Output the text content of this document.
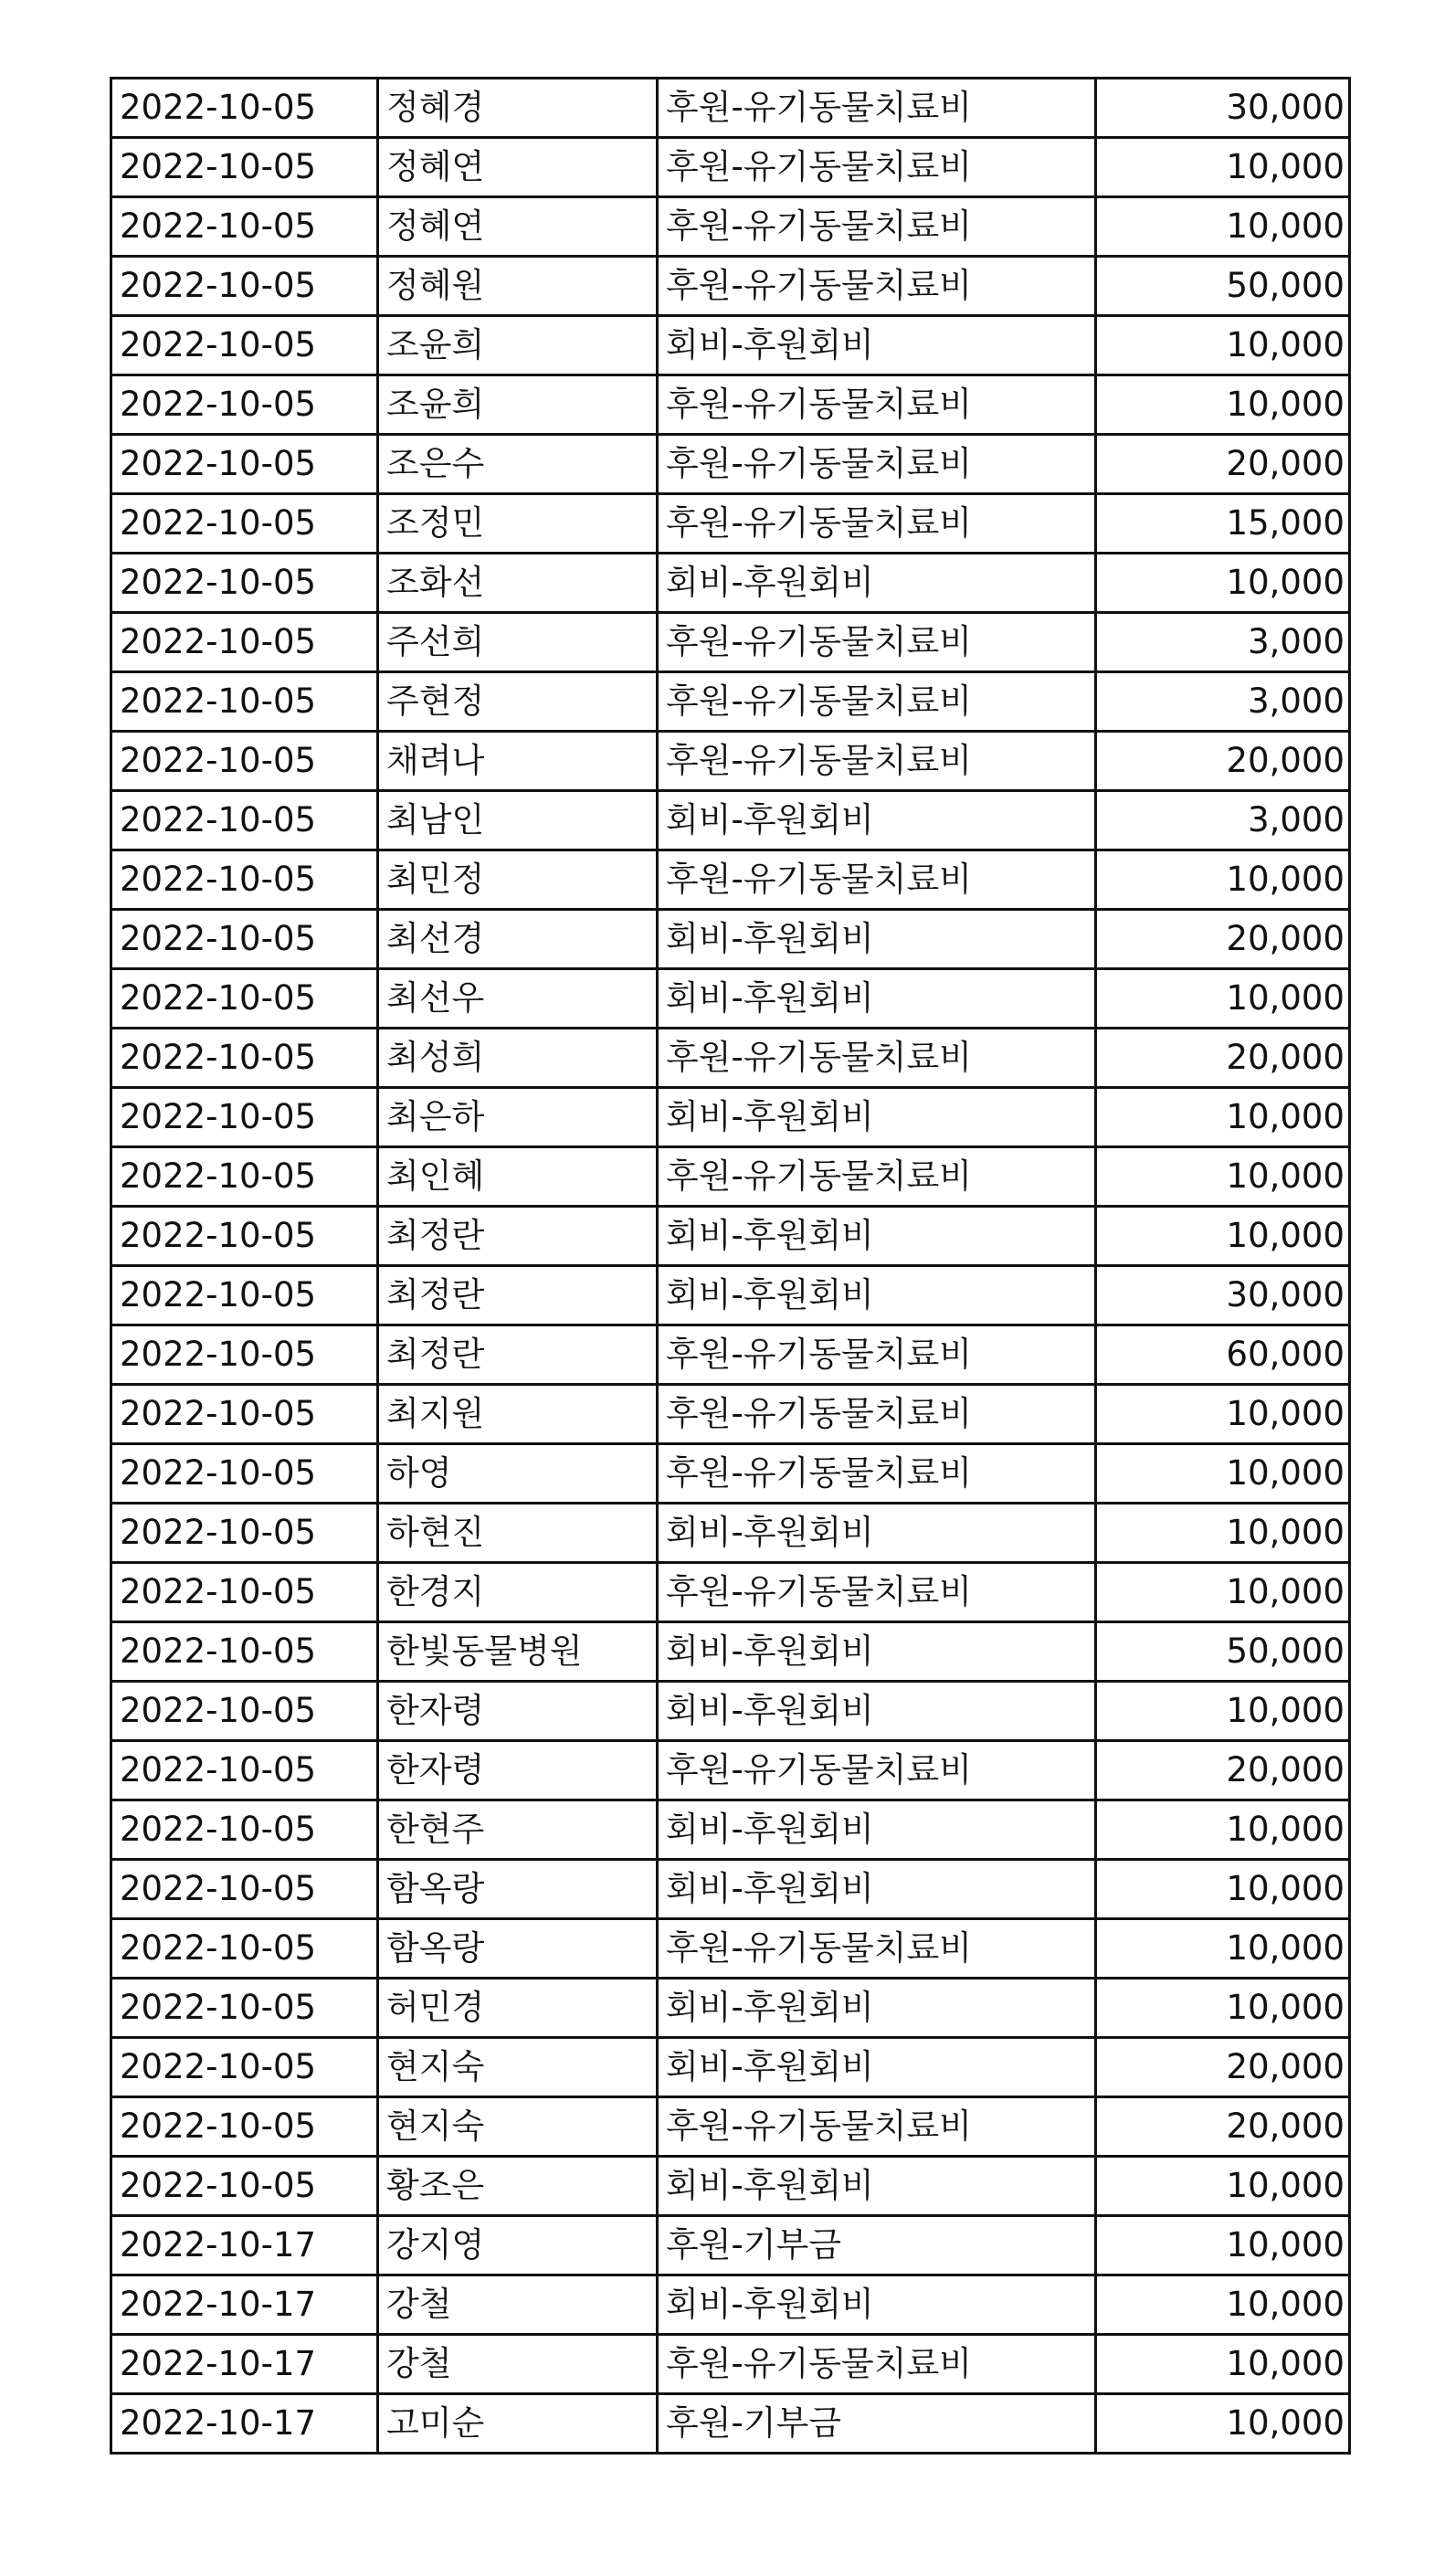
2022-10-05	정혜경	후원-유기동물치료비	30,000
2022-10-05	정혜연	후원-유기동물치료비	10,000
2022-10-05	정혜연	후원-유기동물치료비	10,000
2022-10-05	정혜원	후원-유기동물치료비	50,000
2022-10-05	조윤희	회비-후원회비	10,000
2022-10-05	조윤희	후원-유기동물치료비	10,000
2022-10-05	조은수	후원-유기동물치료비	20,000
2022-10-05	조정민	후원-유기동물치료비	15,000
2022-10-05	조화선	회비-후원회비	10,000
2022-10-05	주선희	후원-유기동물치료비	3,000
2022-10-05	주현정	후원-유기동물치료비	3,000
2022-10-05	채려나	후원-유기동물치료비	20,000
2022-10-05	최남인	회비-후원회비	3,000
2022-10-05	최민정	후원-유기동물치료비	10,000
2022-10-05	최선경	회비-후원회비	20,000
2022-10-05	최선우	회비-후원회비	10,000
2022-10-05	최성희	후원-유기동물치료비	20,000
2022-10-05	최은하	회비-후원회비	10,000
2022-10-05	최인혜	후원-유기동물치료비	10,000
2022-10-05	최정란	회비-후원회비	10,000
2022-10-05	최정란	회비-후원회비	30,000
2022-10-05	최정란	후원-유기동물치료비	60,000
2022-10-05	최지원	후원-유기동물치료비	10,000
2022-10-05	하영	후원-유기동물치료비	10,000
2022-10-05	하현진	회비-후원회비	10,000
2022-10-05	한경지	후원-유기동물치료비	10,000
2022-10-05	한빛동물병원	회비-후원회비	50,000
2022-10-05	한자령	회비-후원회비	10,000
2022-10-05	한자령	후원-유기동물치료비	20,000
2022-10-05	한현주	회비-후원회비	10,000
2022-10-05	함옥랑	회비-후원회비	10,000
2022-10-05	함옥랑	후원-유기동물치료비	10,000
2022-10-05	허민경	회비-후원회비	10,000
2022-10-05	현지숙	회비-후원회비	20,000
2022-10-05	현지숙	후원-유기동물치료비	20,000
2022-10-05	황조은	회비-후원회비	10,000
2022-10-17	강지영	후원-기부금	10,000
2022-10-17	강철	회비-후원회비	10,000
2022-10-17	강철	후원-유기동물치료비	10,000
2022-10-17	고미순	후원-기부금	10,000
